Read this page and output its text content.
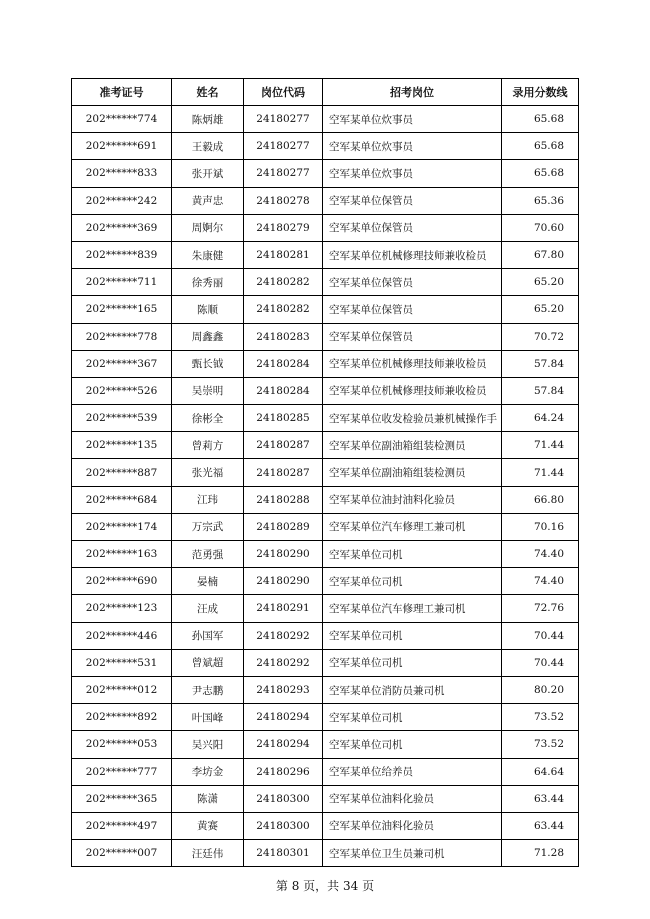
准考证号	姓名	岗位代码	招考岗位	录用分数线
202******774	陈炳雄	24180277	空军某单位炊事员	65.68
202******691	王毅成	24180277	空军某单位炊事员	65.68
202******833	张开斌	24180277	空军某单位炊事员	65.68
202******242	黄声忠	24180278	空军某单位保管员	65.36
202******369	周婀尔	24180279	空军某单位保管员	70.60
202******839	朱康健	24180281	空军某单位机械修理技师兼收检员	67.80
202******711	徐秀丽	24180282	空军某单位保管员	65.20
202******165	陈顺	24180282	空军某单位保管员	65.20
202******778	周鑫鑫	24180283	空军某单位保管员	70.72
202******367	甄长钺	24180284	空军某单位机械修理技师兼收检员	57.84
202******526	吴崇明	24180284	空军某单位机械修理技师兼收检员	57.84
202******539	徐彬全	24180285	空军某单位收发检验员兼机械操作手	64.24
202******135	曾莉方	24180287	空军某单位副油箱组装检测员	71.44
202******887	张光福	24180287	空军某单位副油箱组装检测员	71.44
202******684	江玮	24180288	空军某单位油封油料化验员	66.80
202******174	万宗武	24180289	空军某单位汽车修理工兼司机	70.16
202******163	范勇强	24180290	空军某单位司机	74.40
202******690	晏楠	24180290	空军某单位司机	74.40
202******123	汪成	24180291	空军某单位汽车修理工兼司机	72.76
202******446	孙国军	24180292	空军某单位司机	70.44
202******531	曾斌超	24180292	空军某单位司机	70.44
202******012	尹志鹏	24180293	空军某单位消防员兼司机	80.20
202******892	叶国峰	24180294	空军某单位司机	73.52
202******053	吴兴阳	24180294	空军某单位司机	73.52
202******777	李坊金	24180296	空军某单位给养员	64.64
202******365	陈潇	24180300	空军某单位油料化验员	63.44
202******497	黄赛	24180300	空军某单位油料化验员	63.44
202******007	汪廷伟	24180301	空军某单位卫生员兼司机	71.28
第 8 页，共 34 页
